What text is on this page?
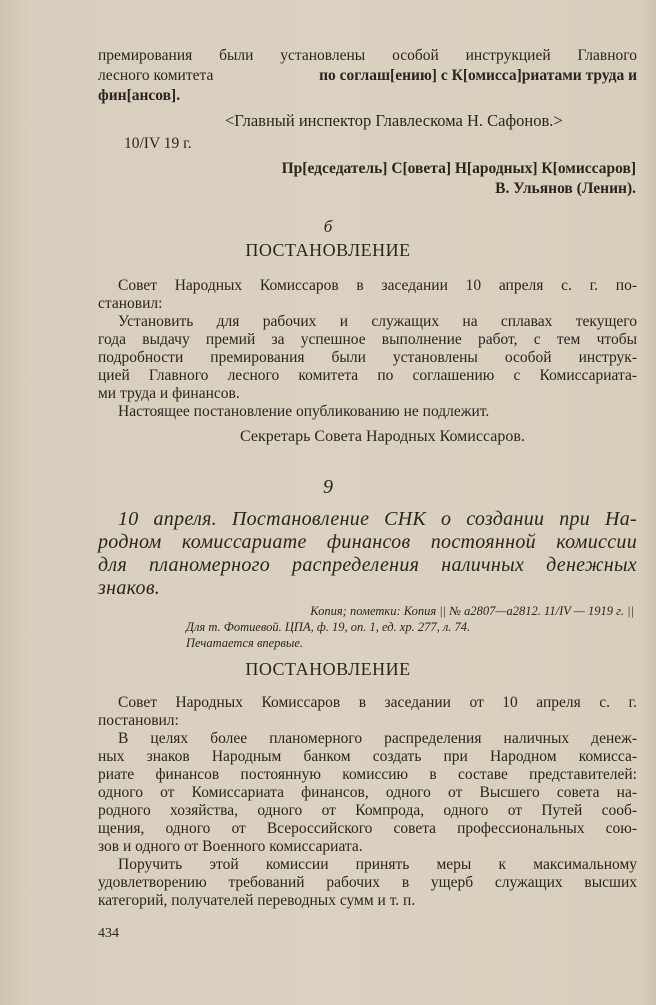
премирования были установлены особой инструкцией Главного
лесного комитета	по соглаш[ению] с К[омисса]риатами труда и
фин[ансов].
<Главный инспектор Главлескома Н. Сафонов.>
10/IV 19 г.
Пр[едседатель] С[овета] Н[ародных] К[омиссаров]
В. Ульянов (Ленин).
б
ПОСТАНОВЛЕНИЕ
Совет Народных Комиссаров в заседании 10 апреля с. г. по-
становил:
Установить для рабочих и служащих на сплавах текущего
года выдачу премий за успешное выполнение работ, с тем чтобы
подробности премирования были установлены особой инструк-
цией Главного лесного комитета по соглашению с Комиссариата-
ми труда и финансов.
Настоящее постановление опубликованию не подлежит.
Секретарь Совета Народных Комиссаров.
9
10 апреля. Постановление СНК о создании при На-
родном комиссариате финансов постоянной комиссии
для планомерного распределения наличных денежных
знаков.
Копия; пометки: Копия || № а2807—а2812. 11/IV — 1919 г. ||
Для т. Фотиевой. ЦПА, ф. 19, оп. 1, ед. хр. 277, л. 74.
Печатается впервые.
ПОСТАНОВЛЕНИЕ
Совет Народных Комиссаров в заседании от 10 апреля с. г.
постановил:
В целях более планомерного распределения наличных денеж-
ных знаков Народным банком создать при Народном комисса-
риате финансов постоянную комиссию в составе представителей:
одного от Комиссариата финансов, одного от Высшего совета на-
родного хозяйства, одного от Компрода, одного от Путей сооб-
щения, одного от Всероссийского совета профессиональных сою-
зов и одного от Военного комиссариата.
Поручить этой комиссии принять меры к максимальному
удовлетворению требований рабочих в ущерб служащих высших
категорий, получателей переводных сумм и т. п.
434
